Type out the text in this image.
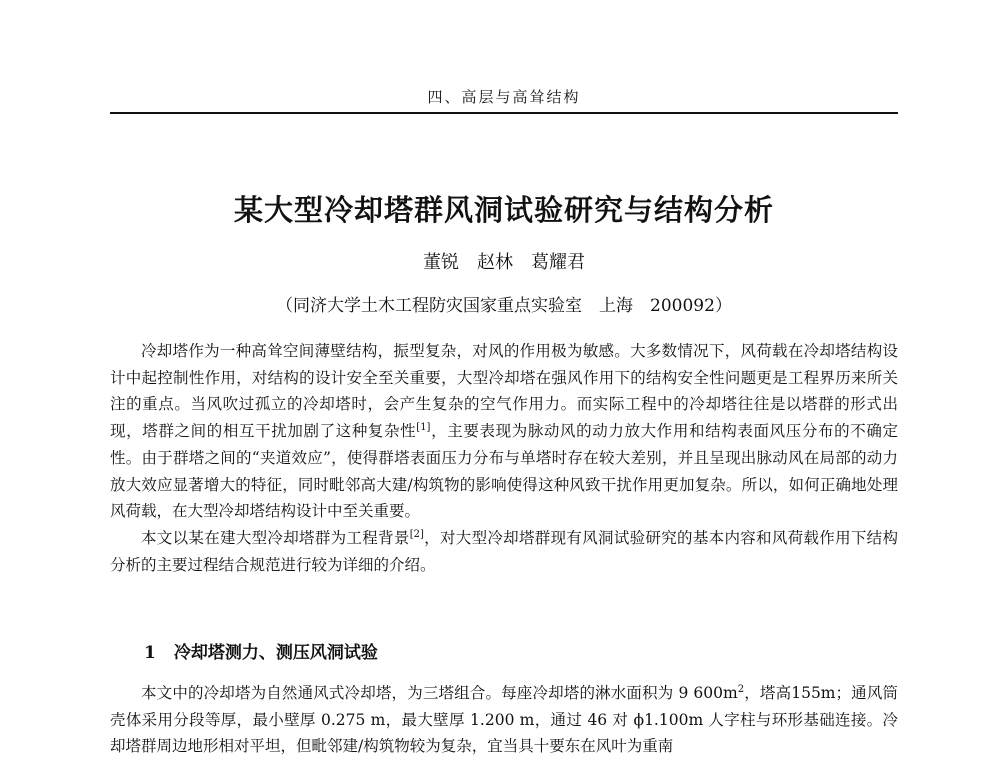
四、高层与高耸结构
某大型冷却塔群风洞试验研究与结构分析
董锐　赵林　葛耀君
（同济大学土木工程防灾国家重点实验室　上海　200092）

冷却塔作为一种高耸空间薄壁结构，振型复杂，对风的作用极为敏感。大多数情况下，风荷载在冷却塔结构设计中起控制性作用，对结构的设计安全至关重要，大型冷却塔在强风作用下的结构安全性问题更是工程界历来所关注的重点。当风吹过孤立的冷却塔时，会产生复杂的空气作用力。而实际工程中的冷却塔往往是以塔群的形式出现，塔群之间的相互干扰加剧了这种复杂性[1]，主要表现为脉动风的动力放大作用和结构表面风压分布的不确定性。由于群塔之间的“夹道效应”，使得群塔表面压力分布与单塔时存在较大差别，并且呈现出脉动风在局部的动力放大效应显著增大的特征，同时毗邻高大建/构筑物的影响使得这种风致干扰作用更加复杂。所以，如何正确地处理风荷载，在大型冷却塔结构设计中至关重要。

本文以某在建大型冷却塔群为工程背景[2]，对大型冷却塔群现有风洞试验研究的基本内容和风荷载作用下结构分析的主要过程结合规范进行较为详细的介绍。

1 冷却塔测力、测压风洞试验

本文中的冷却塔为自然通风式冷却塔，为三塔组合。每座冷却塔的淋水面积为 9 $600m^2$，塔高155m；通风筒壳体采用分段等厚，最小壁厚 0.275 m，最大壁厚 1.200 m，通过 46 对 ϕ1.100m 人字柱与环形基础连接。冷却塔群周边地形相对平坦，但毗邻建/构筑物较为复杂，宜当具十要东在风叶为重南
